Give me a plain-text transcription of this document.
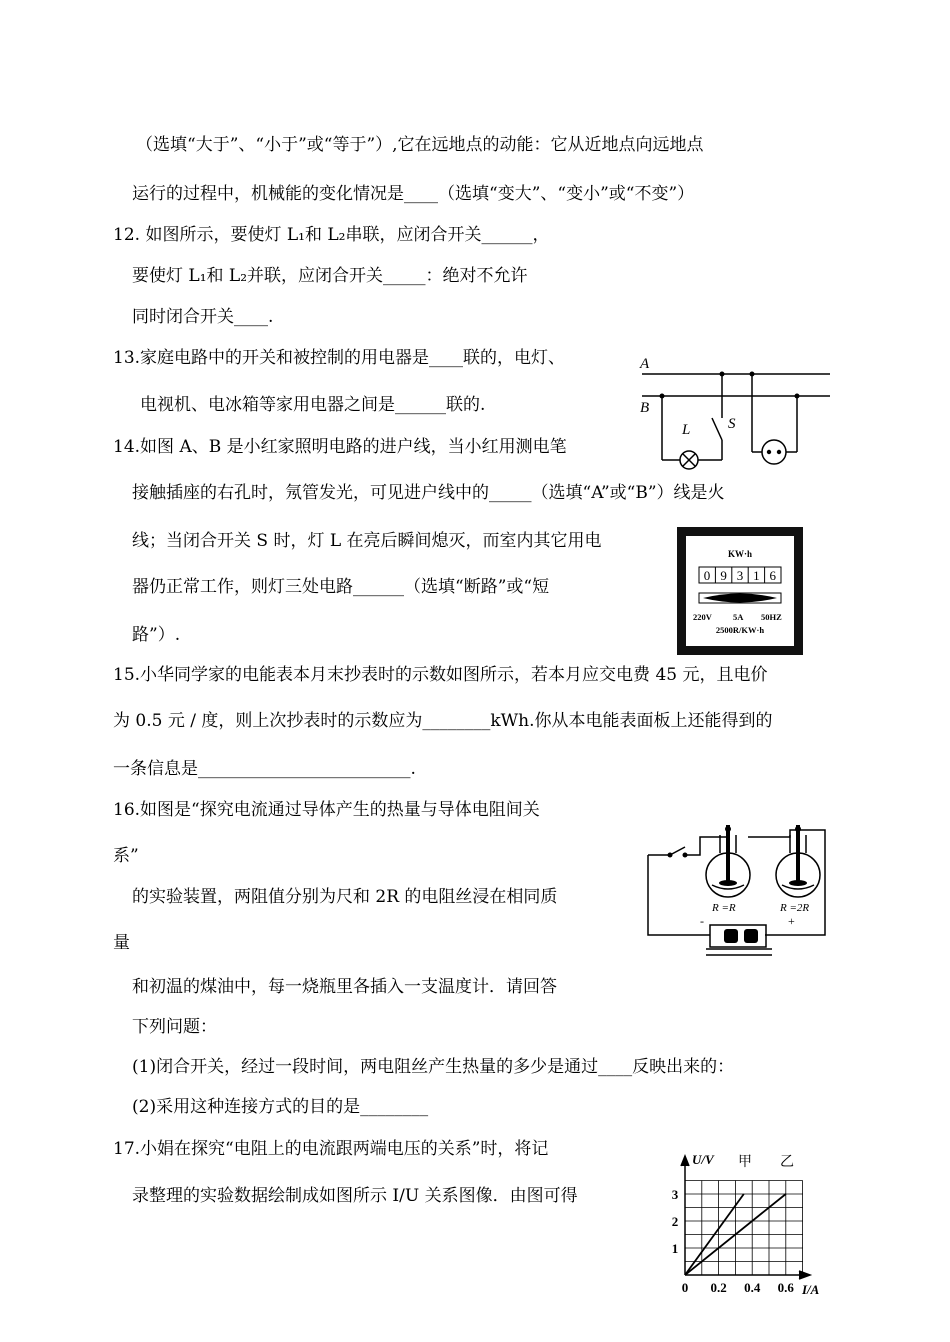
（选填“大于”、“小于”或“等于”）,它在远地点的动能：它从近地点向远地点
运行的过程中，机械能的变化情况是____（选填“变大”、“变小”或“不变”）
12. 如图所示，要使灯 L₁和 L₂串联，应闭合开关______，
要使灯 L₁和 L₂并联，应闭合开关_____：绝对不允许
同时闭合开关____.
13.家庭电路中的开关和被控制的用电器是____联的，电灯、
电视机、电冰箱等家用电器之间是______联的.
14.如图 A、B 是小红家照明电路的进户线，当小红用测电笔
接触插座的右孔时，氖管发光，可见进户线中的_____（选填“A”或“B”）线是火
线；当闭合开关 S 时，灯 L 在亮后瞬间熄灭，而室内其它用电
器仍正常工作，则灯三处电路______（选填“断路”或“短
路”）.
15.小华同学家的电能表本月末抄表时的示数如图所示，若本月应交电费 45 元，且电价
为 0.5 元 / 度，则上次抄表时的示数应为________kWh.你从本电能表面板上还能得到的
一条信息是_________________________.
16.如图是“探究电流通过导体产生的热量与导体电阻间关
系”
的实验装置，两阻值分别为尺和 2R 的电阻丝浸在相同质
量
和初温的煤油中，每一烧瓶里各插入一支温度计．请回答
下列问题：
(1)闭合开关，经过一段时间，两电阻丝产生热量的多少是通过____反映出来的：
(2)采用这种连接方式的目的是________
17.小娟在探究“电阻上的电流跟两端电压的关系”时，将记
录整理的实验数据绘制成如图所示 I/U 关系图像．由图可得
A
B
L	S
KW·h
0 9 3 1 6
220V 5A 50HZ
2500R/KW·h
R =R	R =2R
+
-
1
2
3
0 0.2 0.4 0.6
U/V
I/A
甲 乙
